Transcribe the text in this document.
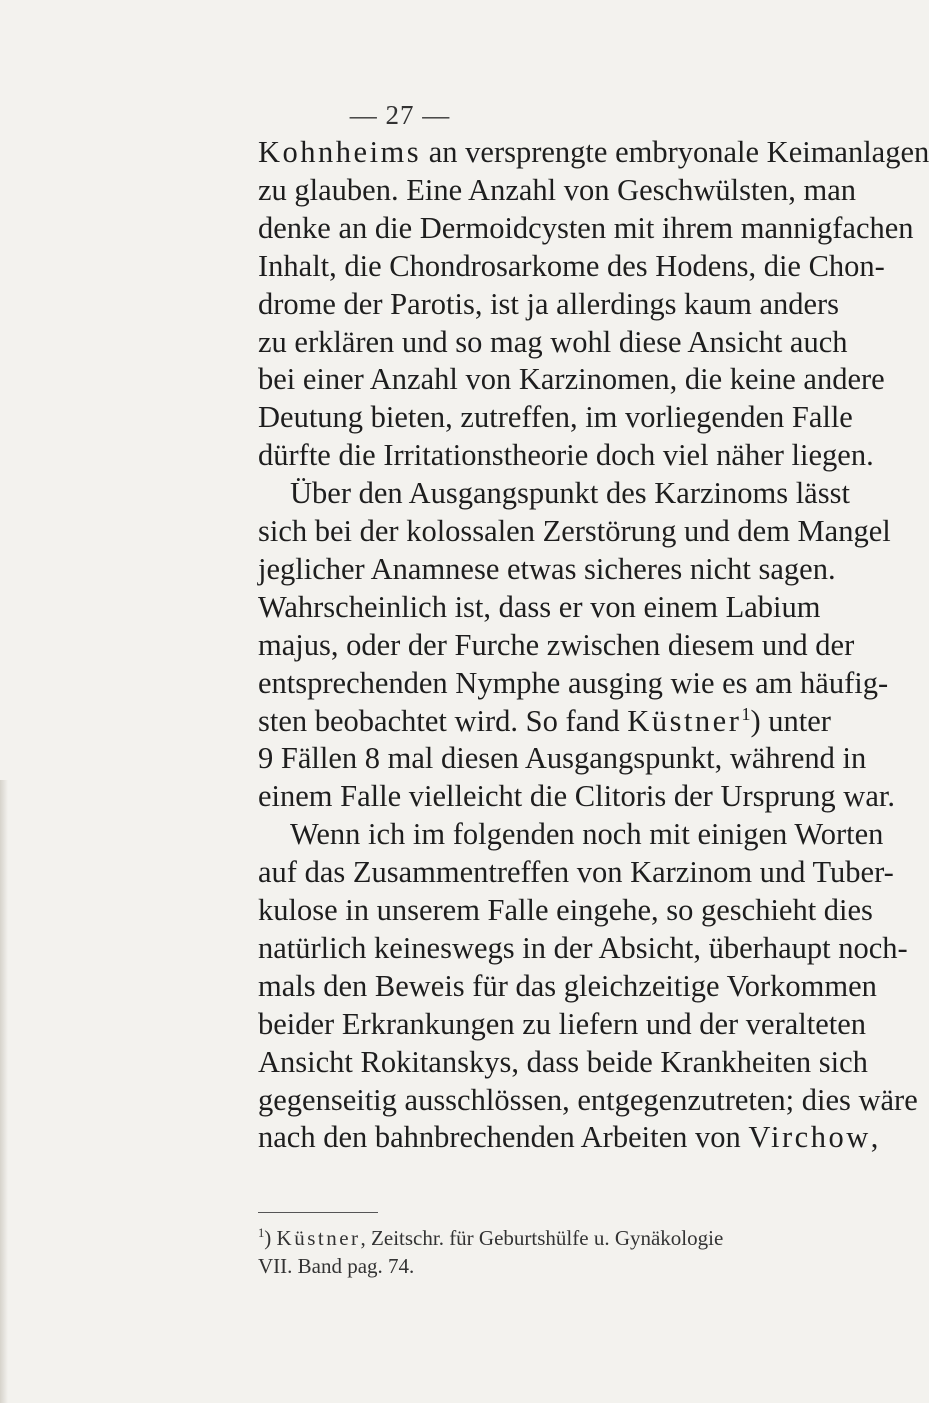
— 27 —
Kohnheims an versprengte embryonale Keimanlagen
zu glauben. Eine Anzahl von Geschwülsten, man
denke an die Dermoidcysten mit ihrem mannigfachen
Inhalt, die Chondrosarkome des Hodens, die Chon-
drome der Parotis, ist ja allerdings kaum anders
zu erklären und so mag wohl diese Ansicht auch
bei einer Anzahl von Karzinomen, die keine andere
Deutung bieten, zutreffen, im vorliegenden Falle
dürfte die Irritationstheorie doch viel näher liegen.
Über den Ausgangspunkt des Karzinoms lässt
sich bei der kolossalen Zerstörung und dem Mangel
jeglicher Anamnese etwas sicheres nicht sagen.
Wahrscheinlich ist, dass er von einem Labium
majus, oder der Furche zwischen diesem und der
entsprechenden Nymphe ausging wie es am häufig-
sten beobachtet wird. So fand Küstner$^1$) unter
9 Fällen 8 mal diesen Ausgangspunkt, während in
einem Falle vielleicht die Clitoris der Ursprung war.
Wenn ich im folgenden noch mit einigen Worten
auf das Zusammentreffen von Karzinom und Tuber-
kulose in unserem Falle eingehe, so geschieht dies
natürlich keineswegs in der Absicht, überhaupt noch-
mals den Beweis für das gleichzeitige Vorkommen
beider Erkrankungen zu liefern und der veralteten
Ansicht Rokitanskys, dass beide Krankheiten sich
gegenseitig ausschlössen, entgegenzutreten; dies wäre
nach den bahnbrechenden Arbeiten von Virchow,
$^1$) Küstner, Zeitschr. für Geburtshülfe u. Gynäkologie
VII. Band pag. 74.
